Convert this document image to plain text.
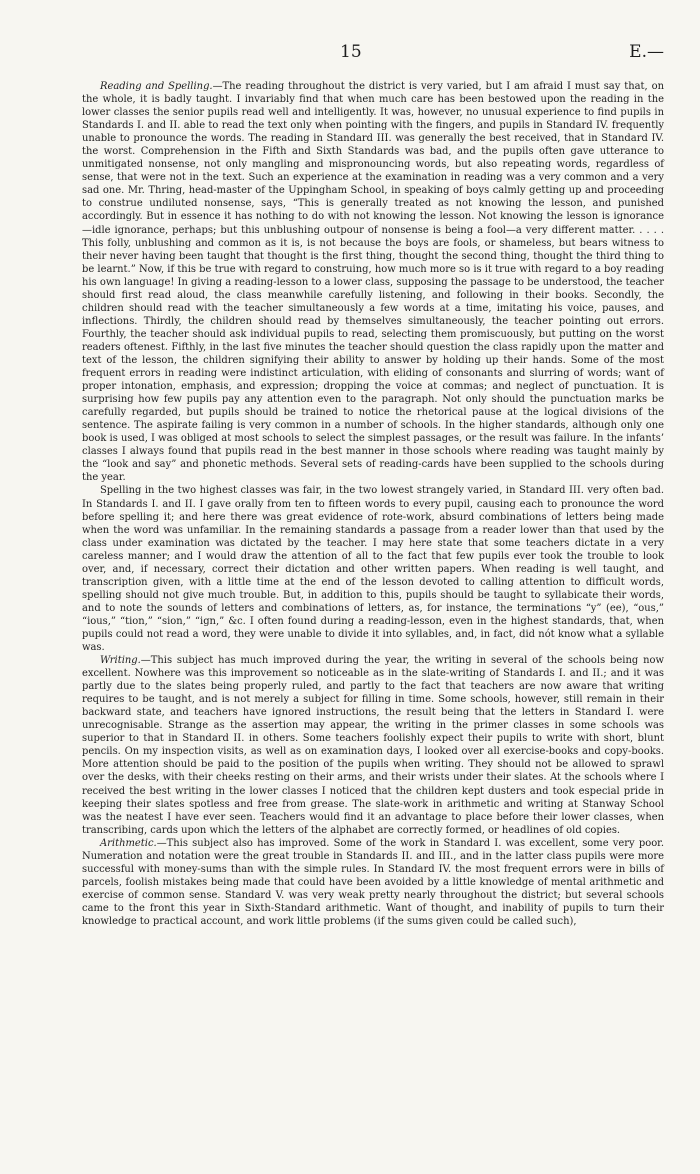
15	E.—

Reading and Spelling.—The reading throughout the district is very varied, but I am afraid I must say that, on the whole, it is badly taught. I invariably find that when much care has been bestowed upon the reading in the lower classes the senior pupils read well and intelligently. It was, however, no unusual experience to find pupils in Standards I. and II. able to read the text only when pointing with the fingers, and pupils in Standard IV. frequently unable to pronounce the words. The reading in Standard III. was generally the best received, that in Standard IV. the worst. Comprehension in the Fifth and Sixth Standards was bad, and the pupils often gave utterance to unmitigated nonsense, not only mangling and mispronouncing words, but also repeating words, regardless of sense, that were not in the text. Such an experience at the examination in reading was a very common and a very sad one. Mr. Thring, head-master of the Uppingham School, in speaking of boys calmly getting up and proceeding to construe undiluted nonsense, says, “This is generally treated as not knowing the lesson, and punished accordingly. But in essence it has nothing to do with not knowing the lesson. Not knowing the lesson is ignorance—idle ignorance, perhaps; but this unblushing outpour of nonsense is being a fool—a very different matter. . . . . This folly, unblushing and common as it is, is not because the boys are fools, or shameless, but bears witness to their never having been taught that thought is the first thing, thought the second thing, thought the third thing to be learnt.” Now, if this be true with regard to construing, how much more so is it true with regard to a boy reading his own language! In giving a reading-lesson to a lower class, supposing the passage to be understood, the teacher should first read aloud, the class meanwhile carefully listening, and following in their books. Secondly, the children should read with the teacher simultaneously a few words at a time, imitating his voice, pauses, and inflections. Thirdly, the children should read by themselves simultaneously, the teacher pointing out errors. Fourthly, the teacher should ask individual pupils to read, selecting them promiscuously, but putting on the worst readers oftenest. Fifthly, in the last five minutes the teacher should question the class rapidly upon the matter and text of the lesson, the children signifying their ability to answer by holding up their hands. Some of the most frequent errors in reading were indistinct articulation, with eliding of consonants and slurring of words; want of proper intonation, emphasis, and expression; dropping the voice at commas; and neglect of punctuation. It is surprising how few pupils pay any attention even to the paragraph. Not only should the punctuation marks be carefully regarded, but pupils should be trained to notice the rhetorical pause at the logical divisions of the sentence. The aspirate failing is very common in a number of schools. In the higher standards, although only one book is used, I was obliged at most schools to select the simplest passages, or the result was failure. In the infants’ classes I always found that pupils read in the best manner in those schools where reading was taught mainly by the “look and say” and phonetic methods. Several sets of reading-cards have been supplied to the schools during the year.

Spelling in the two highest classes was fair, in the two lowest strangely varied, in Standard III. very often bad. In Standards I. and II. I gave orally from ten to fifteen words to every pupil, causing each to pronounce the word before spelling it; and here there was great evidence of rote-work, absurd combinations of letters being made when the word was unfamiliar. In the remaining standards a passage from a reader lower than that used by the class under examination was dictated by the teacher. I may here state that some teachers dictate in a very careless manner; and I would draw the attention of all to the fact that few pupils ever took the trouble to look over, and, if necessary, correct their dictation and other written papers. When reading is well taught, and transcription given, with a little time at the end of the lesson devoted to calling attention to difficult words, spelling should not give much trouble. But, in addition to this, pupils should be taught to syllabicate their words, and to note the sounds of letters and combinations of letters, as, for instance, the terminations “y” (ee), “ous,” “ious,” “tion,” “sion,” “ign,” &c. I often found during a reading-lesson, even in the highest standards, that, when pupils could not read a word, they were unable to divide it into syllables, and, in fact, did nót know what a syllable was.

Writing.—This subject has much improved during the year, the writing in several of the schools being now excellent. Nowhere was this improvement so noticeable as in the slate-writing of Standards I. and II.; and it was partly due to the slates being properly ruled, and partly to the fact that teachers are now aware that writing requires to be taught, and is not merely a subject for filling in time. Some schools, however, still remain in their backward state, and teachers have ignored instructions, the result being that the letters in Standard I. were unrecognisable. Strange as the assertion may appear, the writing in the primer classes in some schools was superior to that in Standard II. in others. Some teachers foolishly expect their pupils to write with short, blunt pencils. On my inspection visits, as well as on examination days, I looked over all exercise-books and copy-books. More attention should be paid to the position of the pupils when writing. They should not be allowed to sprawl over the desks, with their cheeks resting on their arms, and their wrists under their slates. At the schools where I received the best writing in the lower classes I noticed that the children kept dusters and took especial pride in keeping their slates spotless and free from grease. The slate-work in arithmetic and writing at Stanway School was the neatest I have ever seen. Teachers would find it an advantage to place before their lower classes, when transcribing, cards upon which the letters of the alphabet are correctly formed, or headlines of old copies.

Arithmetic.—This subject also has improved. Some of the work in Standard I. was excellent, some very poor. Numeration and notation were the great trouble in Standards II. and III., and in the latter class pupils were more successful with money-sums than with the simple rules. In Standard IV. the most frequent errors were in bills of parcels, foolish mistakes being made that could have been avoided by a little knowledge of mental arithmetic and exercise of common sense. Standard V. was very weak pretty nearly throughout the district; but several schools came to the front this year in Sixth-Standard arithmetic. Want of thought, and inability of pupils to turn their knowledge to practical account, and work little problems (if the sums given could be called such),
